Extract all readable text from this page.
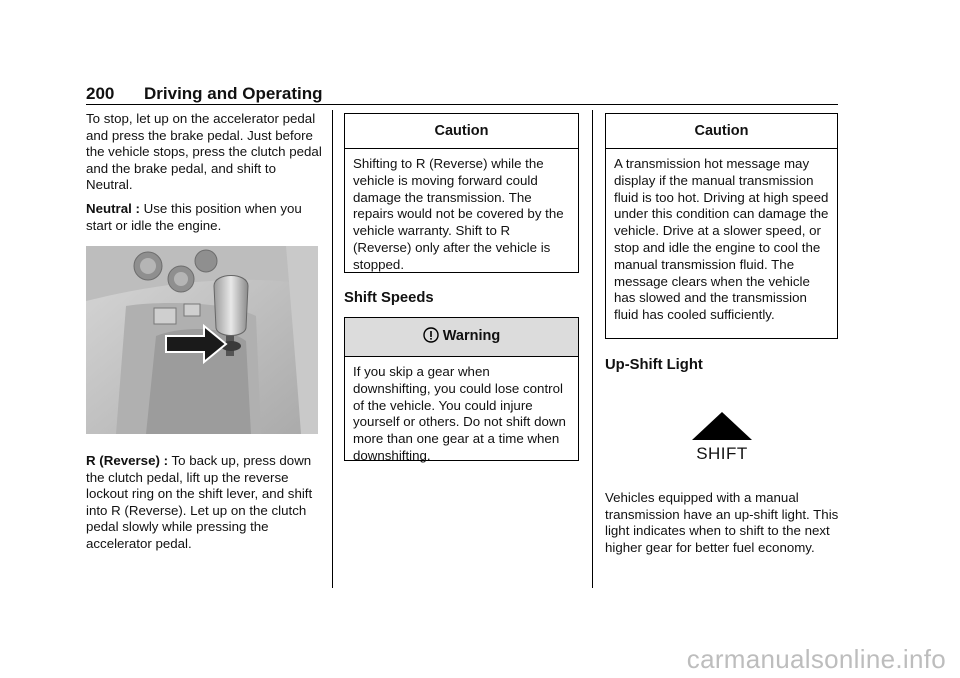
200 Driving and Operating

To stop, let up on the accelerator pedal and press the brake pedal. Just before the vehicle stops, press the clutch pedal and the brake pedal, and shift to Neutral.

Neutral : Use this position when you start or idle the engine.

R (Reverse) : To back up, press down the clutch pedal, lift up the reverse lockout ring on the shift lever, and shift into R (Reverse). Let up on the clutch pedal slowly while pressing the accelerator pedal.

Caution
Shifting to R (Reverse) while the vehicle is moving forward could damage the transmission. The repairs would not be covered by the vehicle warranty. Shift to R (Reverse) only after the vehicle is stopped.
Shift Speeds
Warning
If you skip a gear when downshifting, you could lose control of the vehicle. You could injure yourself or others. Do not shift down more than one gear at a time when downshifting.
Caution
A transmission hot message may display if the manual transmission fluid is too hot. Driving at high speed under this condition can damage the vehicle. Drive at a slower speed, or stop and idle the engine to cool the manual transmission fluid. The message clears when the vehicle has slowed and the transmission fluid has cooled sufficiently.
Up-Shift Light
SHIFT

Vehicles equipped with a manual transmission have an up-shift light. This light indicates when to shift to the next higher gear for better fuel economy.

carmanualsonline.info
